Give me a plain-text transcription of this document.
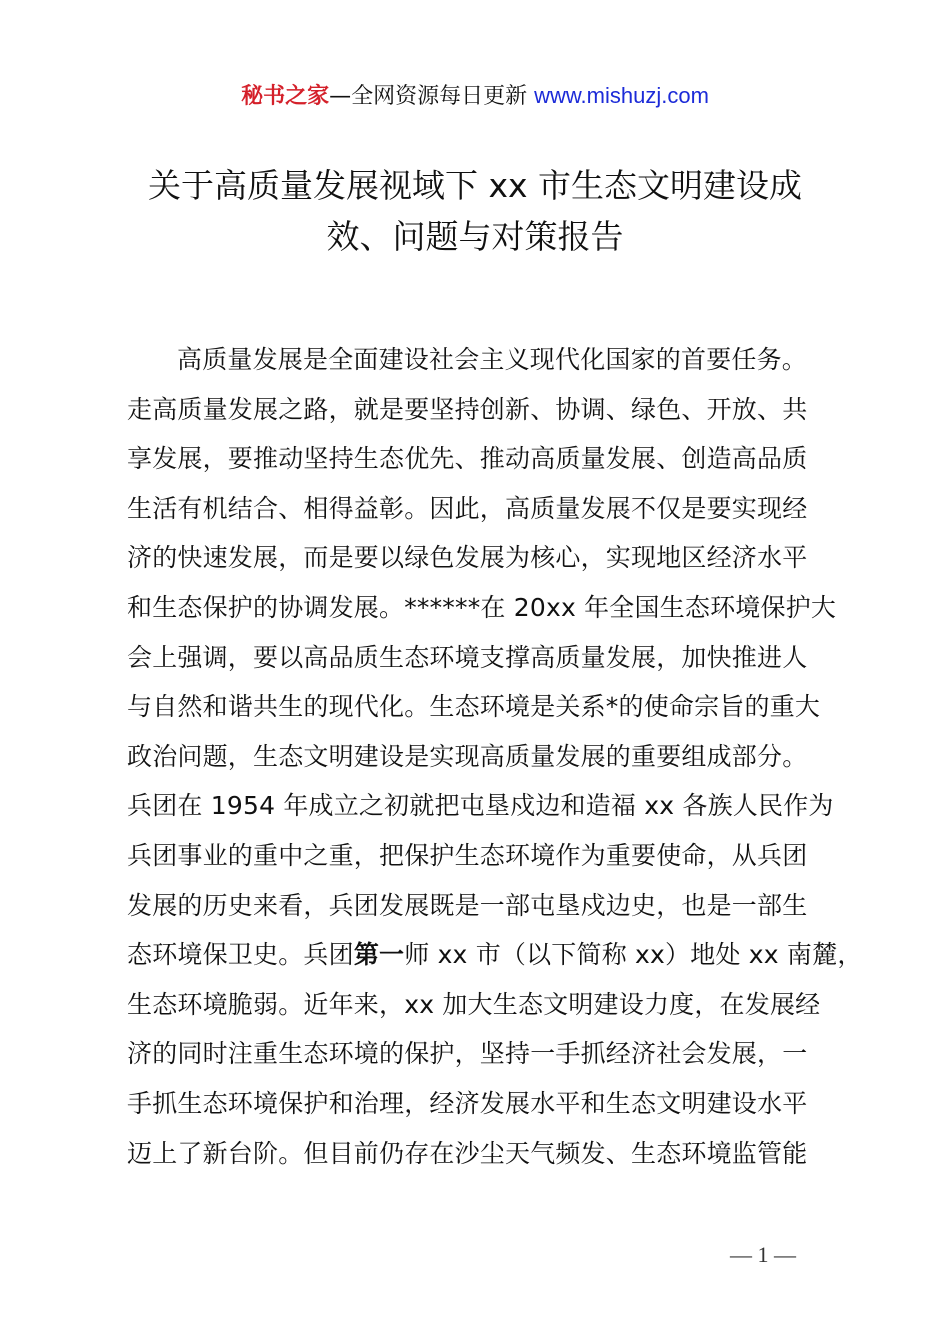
秘书之家—全网资源每日更新 www.mishuzj.com
关于高质量发展视域下 xx 市生态文明建设成
效、问题与对策报告
高质量发展是全面建设社会主义现代化国家的首要任务。
走高质量发展之路，就是要坚持创新、协调、绿色、开放、共
享发展，要推动坚持生态优先、推动高质量发展、创造高品质
生活有机结合、相得益彰。因此，高质量发展不仅是要实现经
济的快速发展，而是要以绿色发展为核心，实现地区经济水平
和生态保护的协调发展。******在 20xx 年全国生态环境保护大
会上强调，要以高品质生态环境支撑高质量发展，加快推进人
与自然和谐共生的现代化。生态环境是关系*的使命宗旨的重大
政治问题，生态文明建设是实现高质量发展的重要组成部分。
兵团在 1954 年成立之初就把屯垦戍边和造福 xx 各族人民作为
兵团事业的重中之重，把保护生态环境作为重要使命，从兵团
发展的历史来看，兵团发展既是一部屯垦戍边史，也是一部生
态环境保卫史。兵团第一师 xx 市（以下简称 xx）地处 xx 南麓，
生态环境脆弱。近年来，xx 加大生态文明建设力度，在发展经
济的同时注重生态环境的保护，坚持一手抓经济社会发展，一
手抓生态环境保护和治理，经济发展水平和生态文明建设水平
迈上了新台阶。但目前仍存在沙尘天气频发、生态环境监管能
— 1 —
